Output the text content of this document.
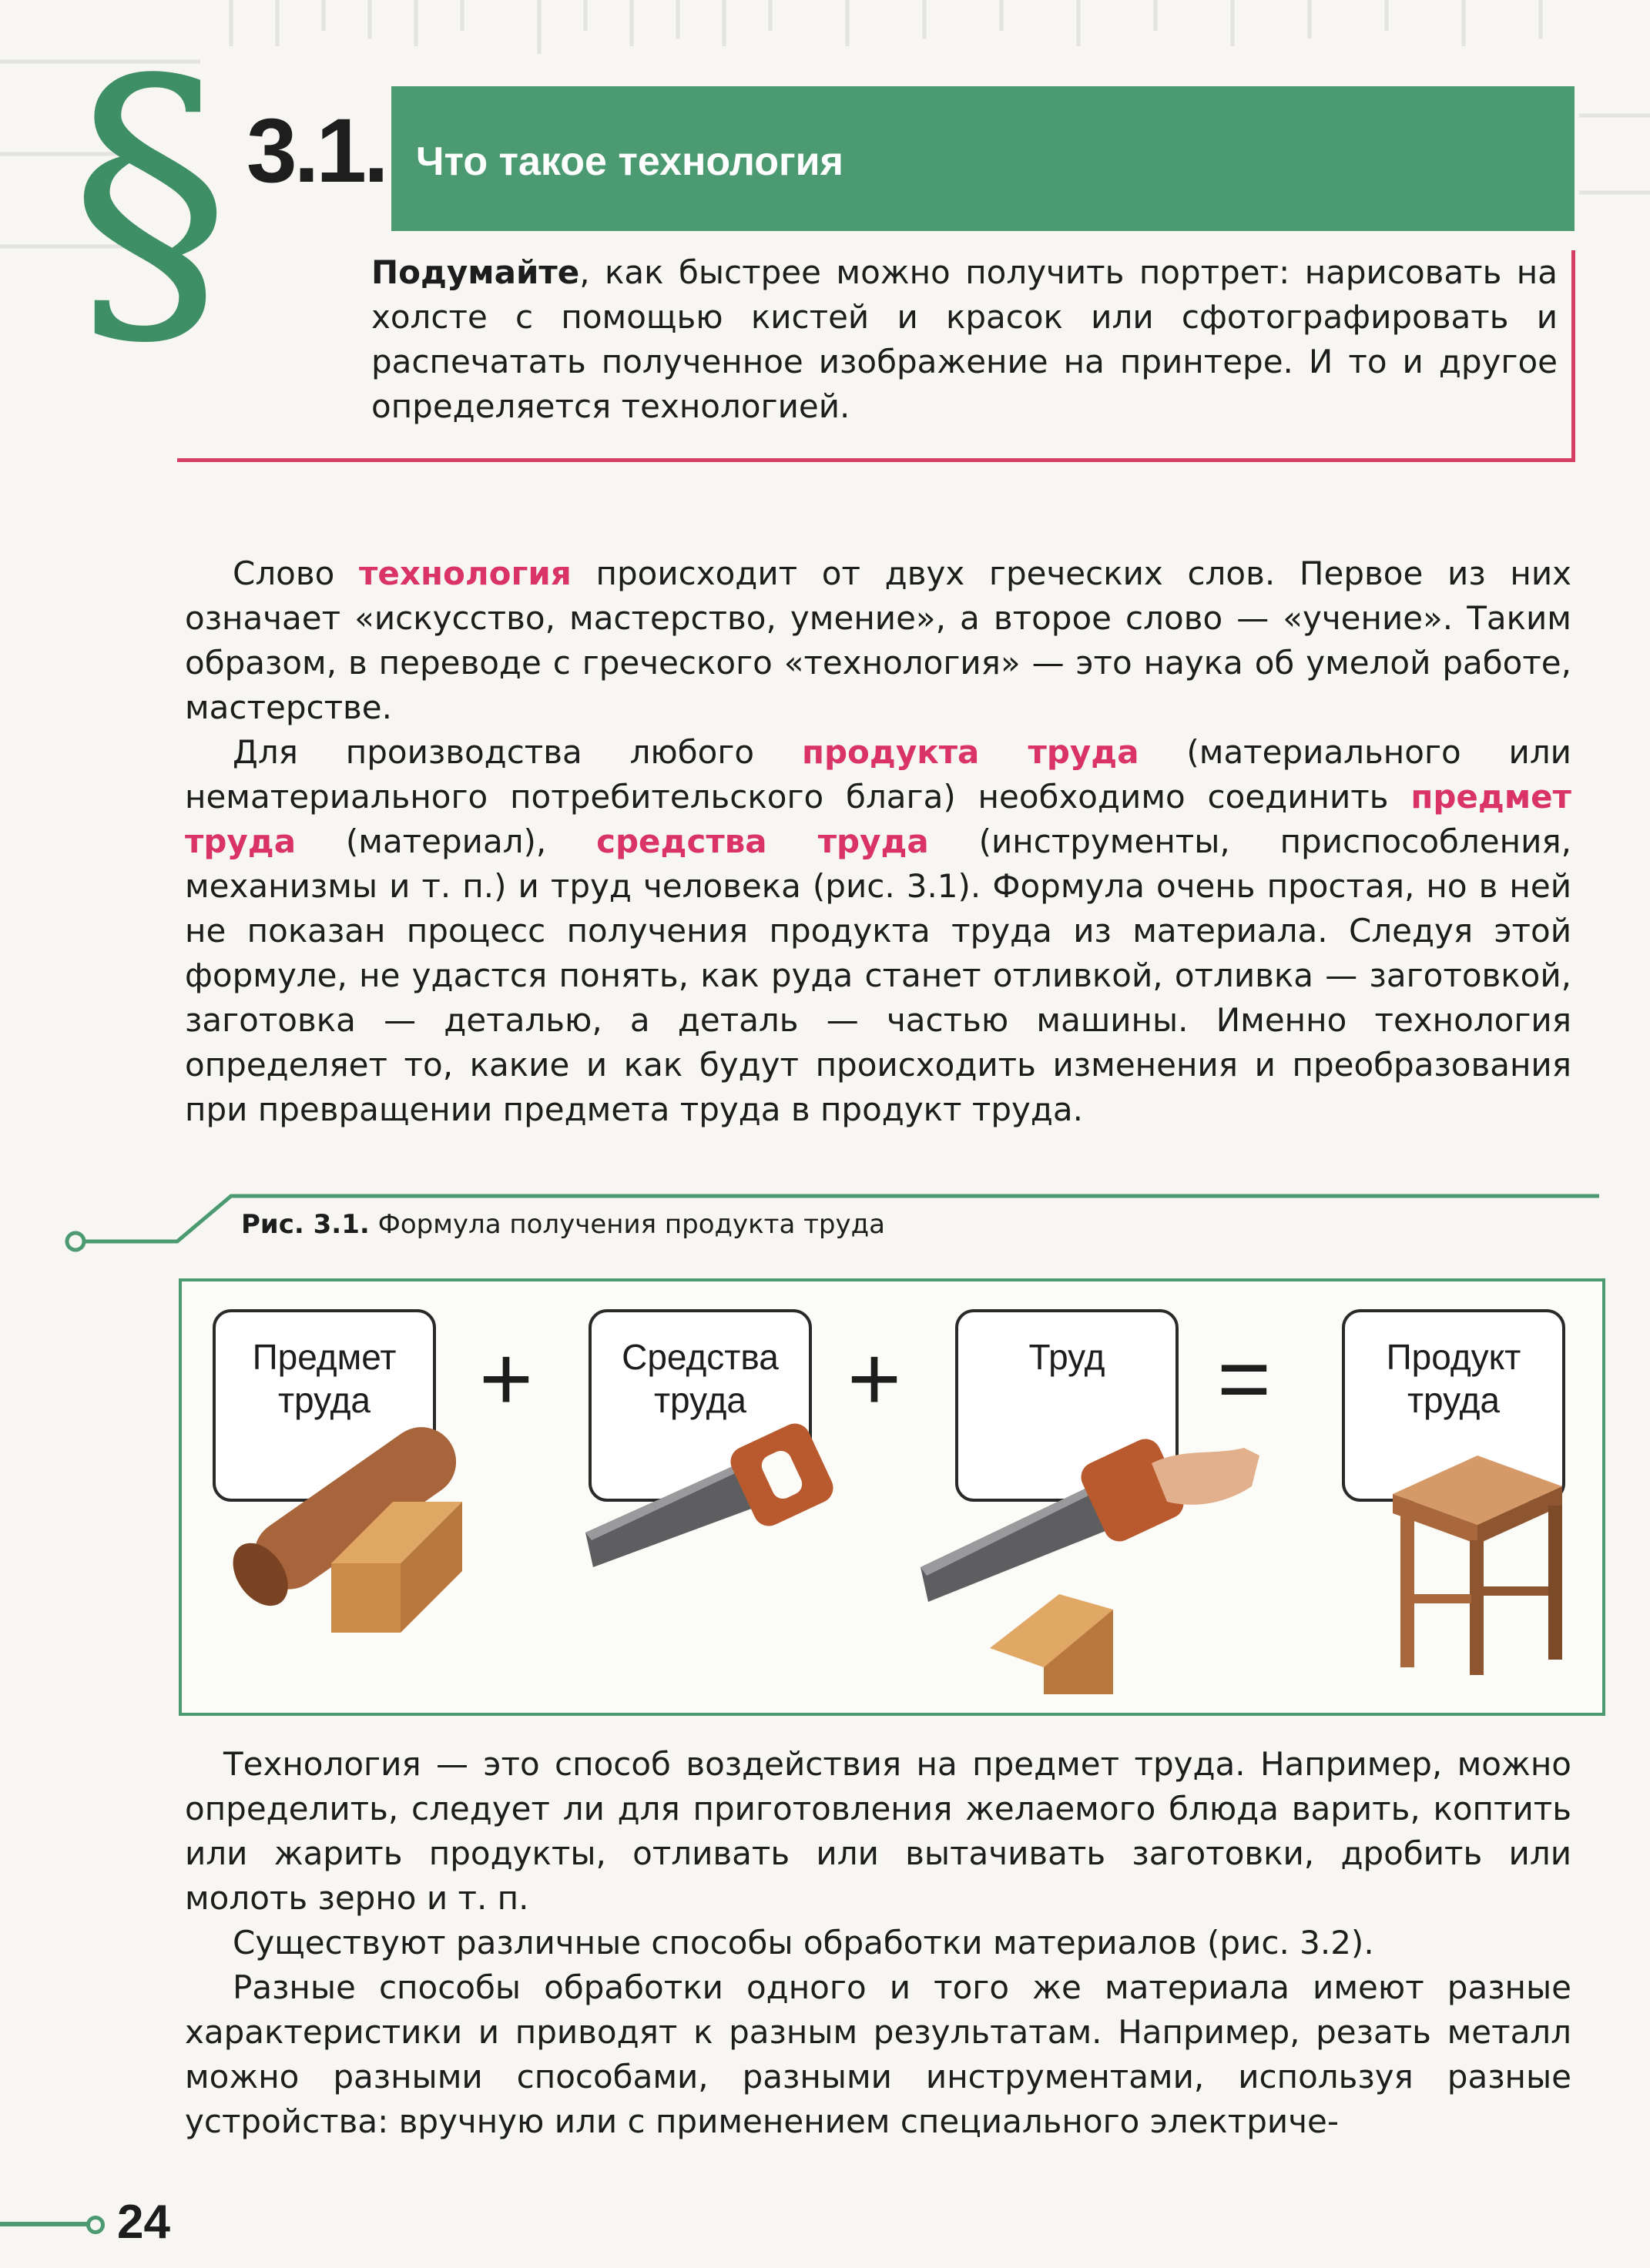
§ 3.1. Что такое технология
Подумайте, как быстрее можно получить портрет: нарисовать на холсте с помощью кистей и красок или сфотографировать и распечатать полученное изображение на принтере. И то и другое определяется технологией.

Слово технология происходит от двух греческих слов. Первое из них означает «искусство, мастерство, умение», а второе слово — «учение». Таким образом, в переводе с греческого «технология» — это наука об умелой работе, мастерстве.

Для производства любого продукта труда (материального или нематериального потребительского блага) необходимо соединить предмет труда (материал), средства труда (инструменты, приспособления, механизмы и т. п.) и труд человека (рис. 3.1). Формула очень простая, но в ней не показан процесс получения продукта труда из материала. Следуя этой формуле, не удастся понять, как руда станет отливкой, отливка — заготовкой, заготовка — деталью, а деталь — частью машины. Именно технология определяет то, какие и как будут происходить изменения и преобразования при превращении предмета труда в продукт труда.

Рис. 3.1. Формула получения продукта труда
Предмет
труда	+	Средства
труда	+	Труд	=	Продукт
труда

Технология — это способ воздействия на предмет труда. Например, можно определить, следует ли для приготовления желаемого блюда варить, коптить или жарить продукты, отливать или вытачивать заготовки, дробить или молоть зерно и т. п.

Существуют различные способы обработки материалов (рис. 3.2).

Разные способы обработки одного и того же материала имеют разные характеристики и приводят к разным результатам. Например, резать металл можно разными способами, разными инструментами, используя разные устройства: вручную или с применением специального электриче-

24
